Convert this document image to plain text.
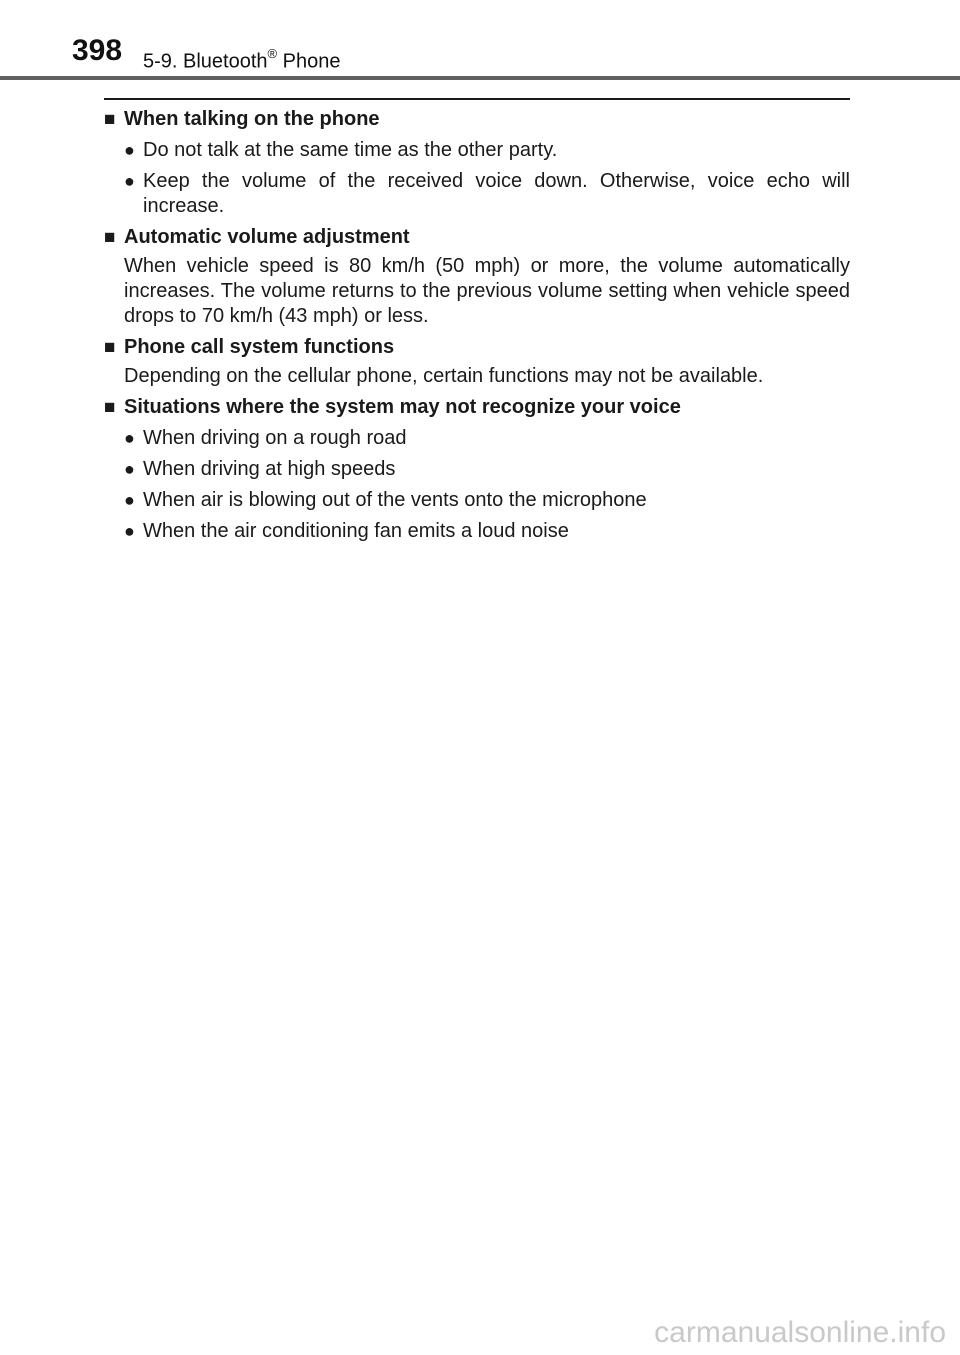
398 5-9. Bluetooth® Phone
■ When talking on the phone
● Do not talk at the same time as the other party.
● Keep the volume of the received voice down. Otherwise, voice echo will increase.
■ Automatic volume adjustment
When vehicle speed is 80 km/h (50 mph) or more, the volume automatically increases. The volume returns to the previous volume setting when vehicle speed drops to 70 km/h (43 mph) or less.
■ Phone call system functions
Depending on the cellular phone, certain functions may not be available.
■ Situations where the system may not recognize your voice
● When driving on a rough road
● When driving at high speeds
● When air is blowing out of the vents onto the microphone
● When the air conditioning fan emits a loud noise
carmanualsonline.info
